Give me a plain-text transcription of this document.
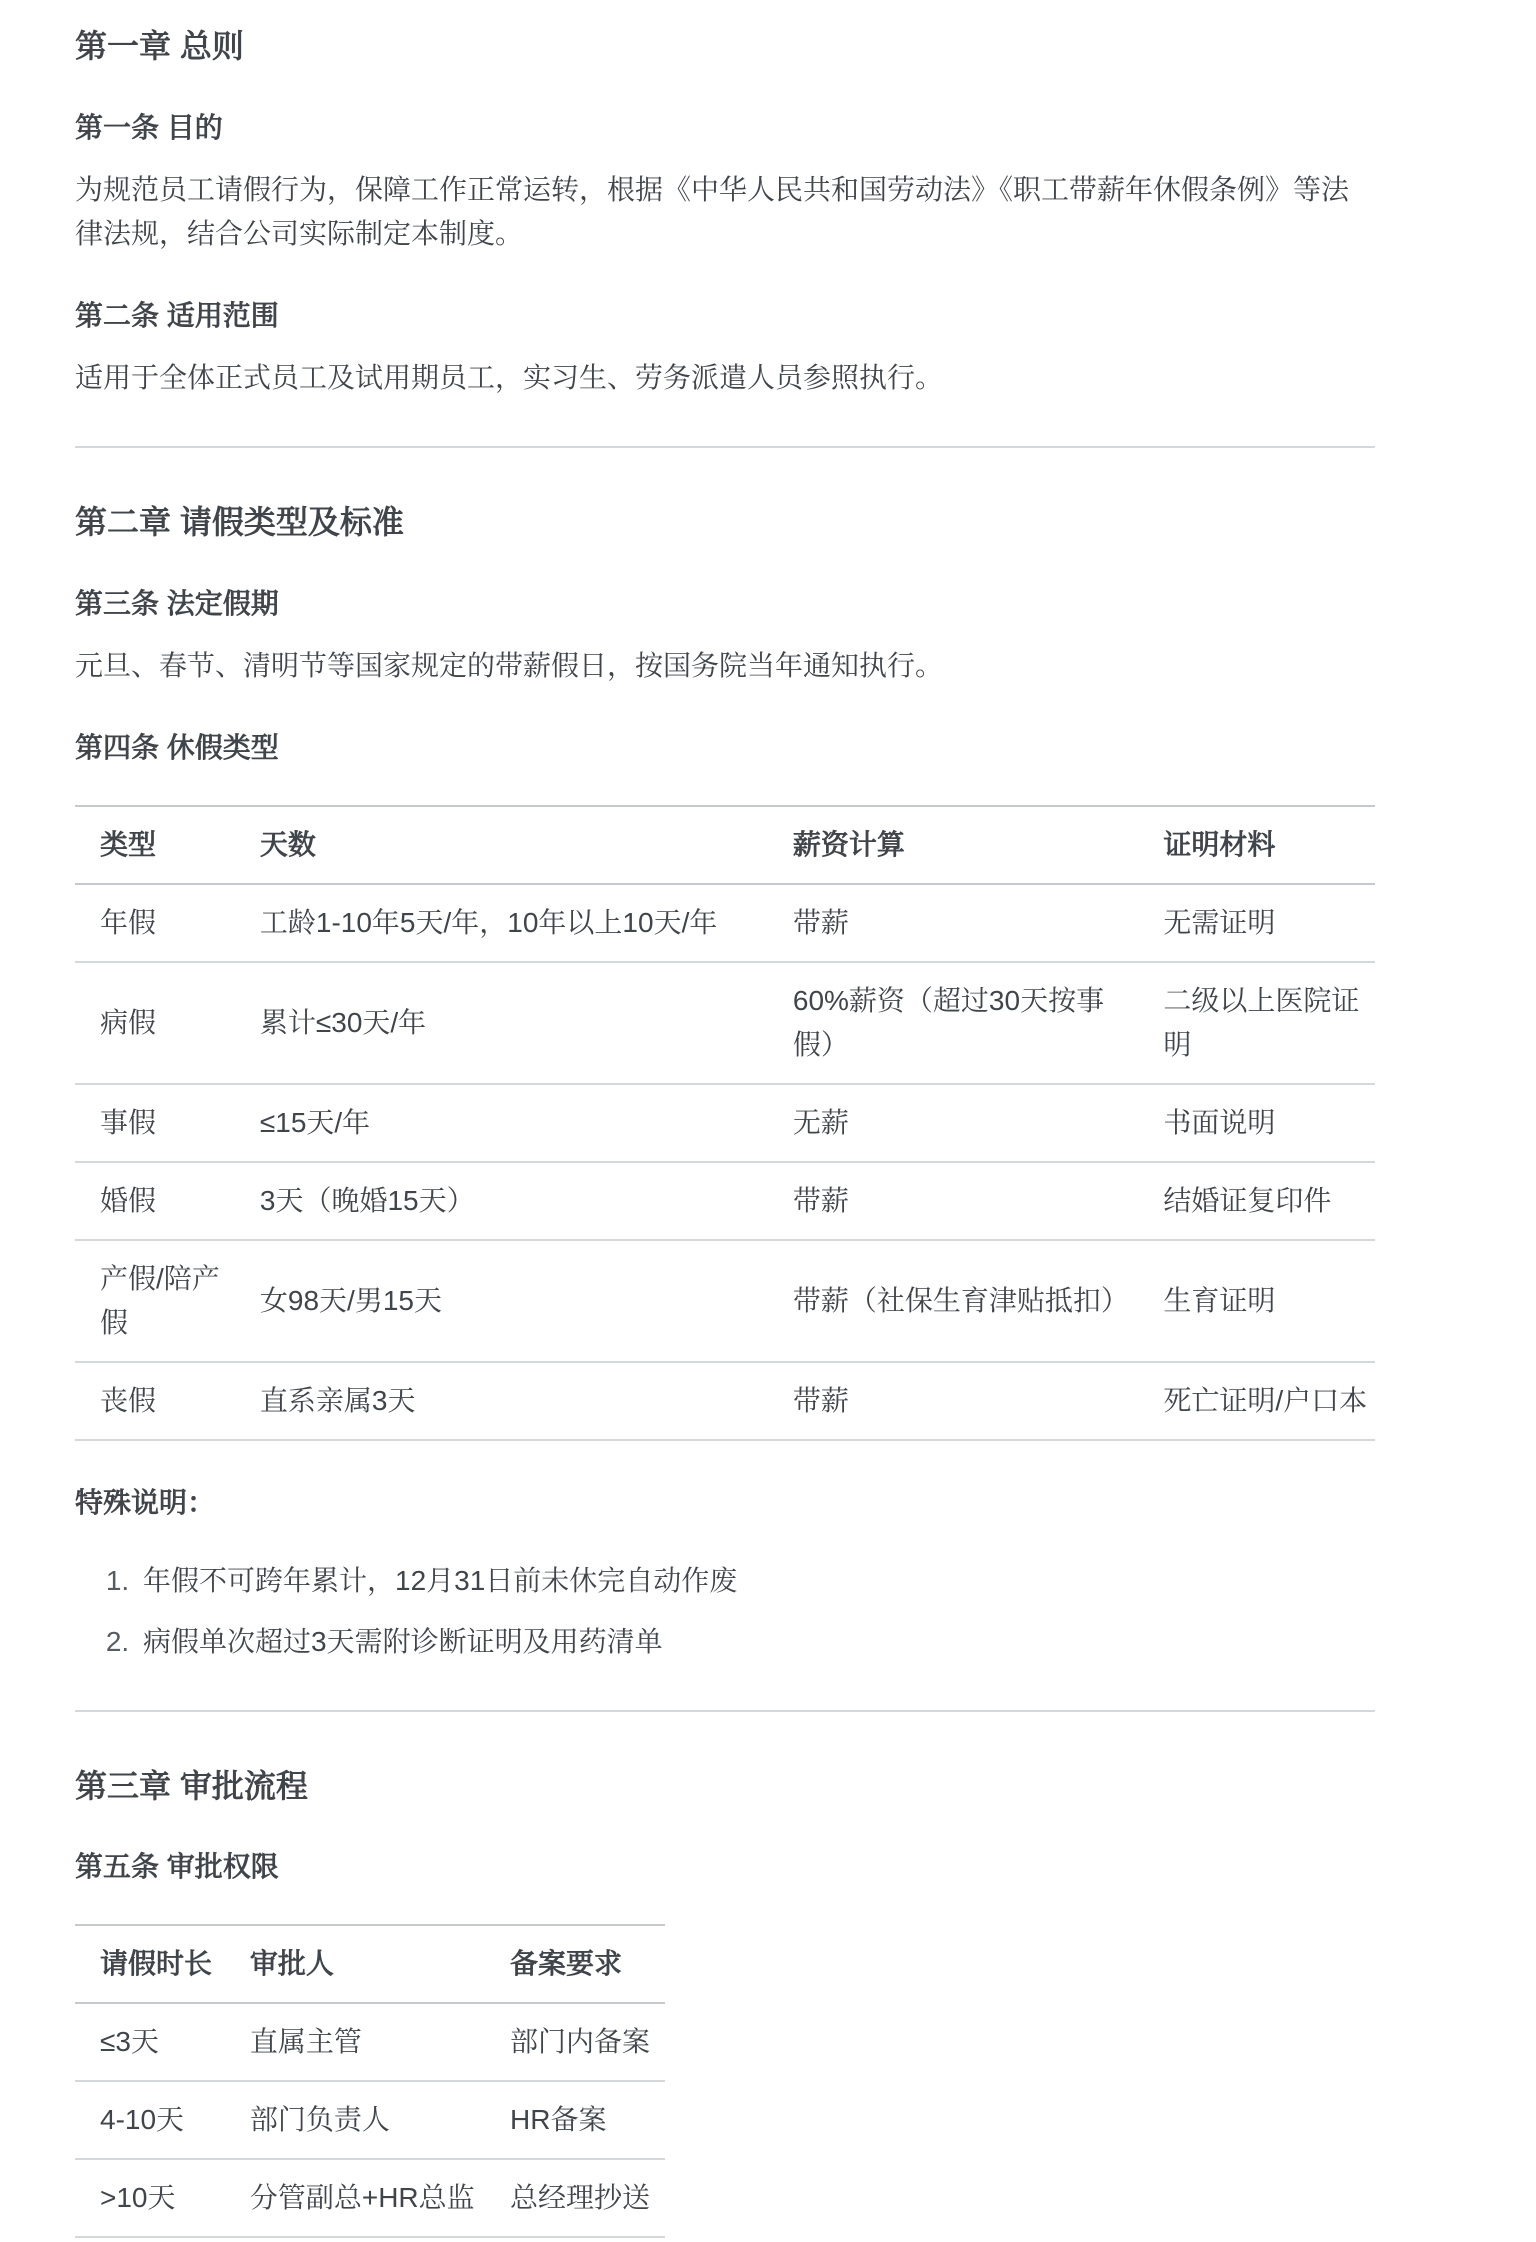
第一章 总则
第一条 目的

为规范员工请假行为，保障工作正常运转，根据《中华人民共和国劳动法》《职工带薪年休假条例》等法律法规，结合公司实际制定本制度。

第二条 适用范围

适用于全体正式员工及试用期员工，实习生、劳务派遣人员参照执行。

第二章 请假类型及标准
第三条 法定假期

元旦、春节、清明节等国家规定的带薪假日，按国务院当年通知执行。

第四条 休假类型
类型	天数	薪资计算	证明材料
年假	工龄1-10年5天/年，10年以上10天/年	带薪	无需证明
病假	累计≤30天/年	60%薪资（超过30天按事假）	二级以上医院证明
事假	≤15天/年	无薪	书面说明
婚假	3天（晚婚15天）	带薪	结婚证复印件
产假/陪产假	女98天/男15天	带薪（社保生育津贴抵扣）	生育证明
丧假	直系亲属3天	带薪	死亡证明/户口本

特殊说明：

1. 年假不可跨年累计，12月31日前未休完自动作废
2. 病假单次超过3天需附诊断证明及用药清单
第三章 审批流程
第五条 审批权限
请假时长	审批人	备案要求
≤3天	直属主管	部门内备案
4-10天	部门负责人	HR备案
>10天	分管副总+HR总监	总经理抄送
